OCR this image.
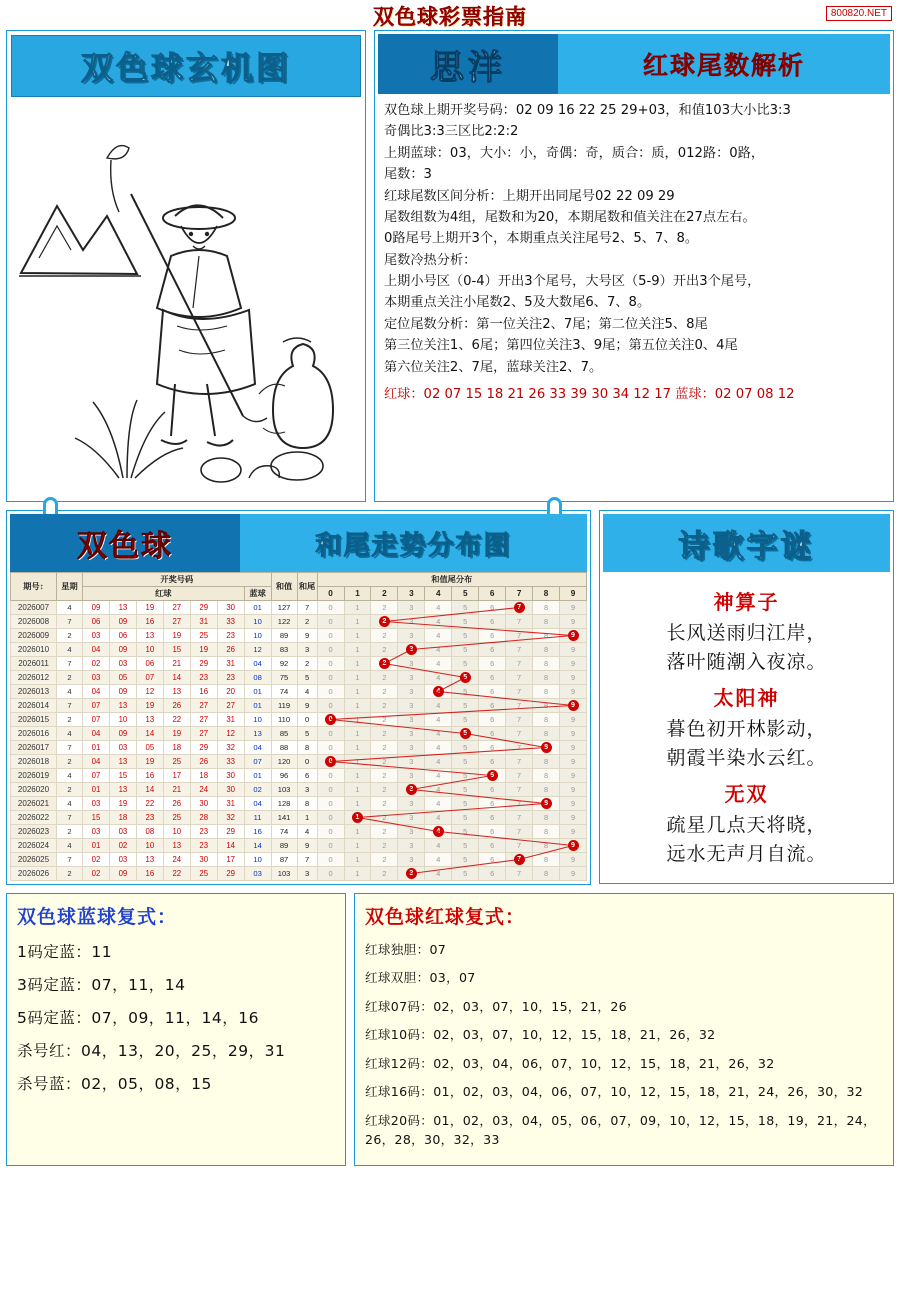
双色球彩票指南	800820.NET
双色球玄机图	思洋	红球尾数解析
双色球上期开奖号码：02 09 16 22 25 29+03，和值103大小比3:3
奇偶比3:3三区比2:2:2
上期蓝球：03，大小：小，奇偶：奇，质合：质，012路：0路，
尾数：3
红球尾数区间分析：上期开出同尾号02 22 09 29
尾数组数为4组，尾数和为20，本期尾数和值关注在27点左右。
0路尾号上期开3个，本期重点关注尾号2、5、7、8。
尾数冷热分析：
上期小号区（0-4）开出3个尾号，大号区（5-9）开出3个尾号，
本期重点关注小尾数2、5及大数尾6、7、8。
定位尾数分析：第一位关注2、7尾；第二位关注5、8尾
第三位关注1、6尾；第四位关注3、9尾；第五位关注0、4尾
第六位关注2、7尾，蓝球关注2、7。
红球：02 07 15 18 21 26 33 39 30 34 12 17 蓝球：02 07 08 12
双色球	和尾走势分布图
期号↕	星期	开奖号码							和值	和尾	和值尾分布									
		红球						蓝球			0	1	2	3	4	5	6	7	8	9
2026007	4	09	13	19	27	29	30	01	127	7	0	1	2	3	4	5	6	7	8	9
2026008	7	06	09	16	27	31	33	10	122	2	0	1	2	3	4	5	6	7	8	9
2026009	2	03	06	13	19	25	23	10	89	9	0	1	2	3	4	5	6	7	8	9
2026010	4	04	09	10	15	19	26	12	83	3	0	1	2	3	4	5	6	7	8	9
2026011	7	02	03	06	21	29	31	04	92	2	0	1	2	3	4	5	6	7	8	9
2026012	2	03	05	07	14	23	23	08	75	5	0	1	2	3	4	5	6	7	8	9
2026013	4	04	09	12	13	16	20	01	74	4	0	1	2	3	4	5	6	7	8	9
2026014	7	07	13	19	26	27	27	01	119	9	0	1	2	3	4	5	6	7	8	9
2026015	2	07	10	13	22	27	31	10	110	0	0	1	2	3	4	5	6	7	8	9
2026016	4	04	09	14	19	27	12	13	85	5	0	1	2	3	4	5	6	7	8	9
2026017	7	01	03	05	18	29	32	04	88	8	0	1	2	3	4	5	6	7	8	9
2026018	2	04	13	19	25	26	33	07	120	0	0	1	2	3	4	5	6	7	8	9
2026019	4	07	15	16	17	18	30	01	96	6	0	1	2	3	4	5	6	7	8	9
2026020	2	01	13	14	21	24	30	02	103	3	0	1	2	3	4	5	6	7	8	9
2026021	4	03	19	22	26	30	31	04	128	8	0	1	2	3	4	5	6	7	8	9
2026022	7	15	18	23	25	28	32	11	141	1	0	1	2	3	4	5	6	7	8	9
2026023	2	03	03	08	10	23	29	16	74	4	0	1	2	3	4	5	6	7	8	9
2026024	4	01	02	10	13	23	14	14	89	9	0	1	2	3	4	5	6	7	8	9
2026025	7	02	03	13	24	30	17	10	87	7	0	1	2	3	4	5	6	7	8	9
2026026	2	02	09	16	22	25	29	03	103	3	0	1	2	3	4	5	6	7	8	9
诗歌字谜
神算子
长风送雨归江岸，
落叶随潮入夜凉。
太阳神
暮色初开林影动，
朝霞半染水云红。
无双
疏星几点天将晓，
远水无声月自流。
双色球蓝球复式：
1码定蓝：11
3码定蓝：07，11，14
5码定蓝：07，09，11，14，16
杀号红：04，13，20，25，29，31
杀号蓝：02，05，08，15
双色球红球复式：
红球独胆：07
红球双胆：03，07
红球07码：02，03，07，10，15，21，26
红球10码：02，03，07，10，12，15，18，21，26，32
红球12码：02，03，04，06，07，10，12，15，18，21，26，32
红球16码：01，02，03，04，06，07，10，12，15，18，21，24，26，30，32
红球20码：01，02，03，04，05，06，07，09，10，12，15，18，19，21，24，26，28，30，32，33
